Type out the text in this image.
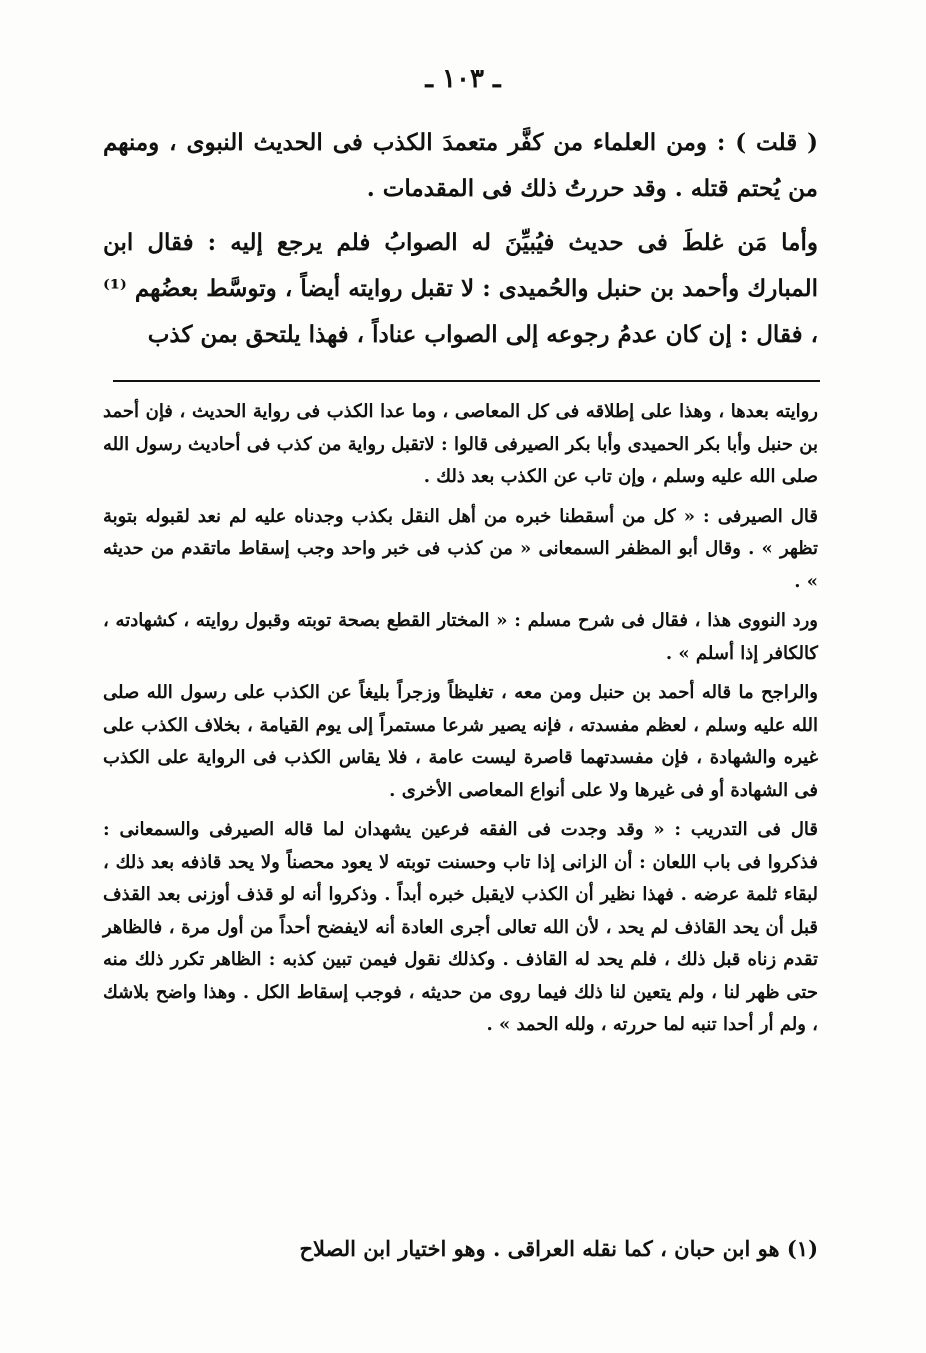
ـ ١٠٣ ـ

( قلت ) : ومن العلماء من كفَّر متعمدَ الكذب فى الحديث النبوى ، ومنهم من يُحتم قتله . وقد حررتُ ذلك فى المقدمات .

وأما مَن غلطَ فى حديث فيُبيِّنَ له الصوابُ فلم يرجع إليه : فقال ابن المبارك وأحمد بن حنبل والحُميدى : لا تقبل روايته أيضاً ، وتوسَّط بعضُهم ⁽¹⁾ ، فقال : إن كان عدمُ رجوعه إلى الصواب عناداً ، فهذا يلتحق بمن كذب

روايته بعدها ، وهذا على إطلاقه فى كل المعاصى ، وما عدا الكذب فى رواية الحديث ، فإن أحمد بن حنبل وأبا بكر الحميدى وأبا بكر الصيرفى قالوا : لاتقبل رواية من كذب فى أحاديث رسول الله صلى الله عليه وسلم ، وإن تاب عن الكذب بعد ذلك .

قال الصيرفى : « كل من أسقطنا خبره من أهل النقل بكذب وجدناه عليه لم نعد لقبوله بتوبة تظهر » . وقال أبو المظفر السمعانى « من كذب فى خبر واحد وجب إسقاط ماتقدم من حديثه » .

ورد النووى هذا ، فقال فى شرح مسلم : « المختار القطع بصحة توبته وقبول روايته ، كشهادته ، كالكافر إذا أسلم » .

والراجح ما قاله أحمد بن حنبل ومن معه ، تغليظاً وزجراً بليغاً عن الكذب على رسول الله صلى الله عليه وسلم ، لعظم مفسدته ، فإنه يصير شرعا مستمراً إلى يوم القيامة ، بخلاف الكذب على غيره والشهادة ، فإن مفسدتهما قاصرة ليست عامة ، فلا يقاس الكذب فى الرواية على الكذب فى الشهادة أو فى غيرها ولا على أنواع المعاصى الأخرى .

قال فى التدريب : « وقد وجدت فى الفقه فرعين يشهدان لما قاله الصيرفى والسمعانى : فذكروا فى باب اللعان : أن الزانى إذا تاب وحسنت توبته لا يعود محصناً ولا يحد قاذفه بعد ذلك ، لبقاء ثلمة عرضه . فهذا نظير أن الكذب لايقبل خبره أبداً . وذكروا أنه لو قذف أوزنى بعد القذف قبل أن يحد القاذف لم يحد ، لأن الله تعالى أجرى العادة أنه لايفضح أحداً من أول مرة ، فالظاهر تقدم زناه قبل ذلك ، فلم يحد له القاذف . وكذلك نقول فيمن تبين كذبه : الظاهر تكرر ذلك منه حتى ظهر لنا ، ولم يتعين لنا ذلك فيما روى من حديثه ، فوجب إسقاط الكل . وهذا واضح بلاشك ، ولم أر أحدا تنبه لما حررته ، ولله الحمد » .

(١) هو ابن حبان ، كما نقله العراقى . وهو اختيار ابن الصلاح
